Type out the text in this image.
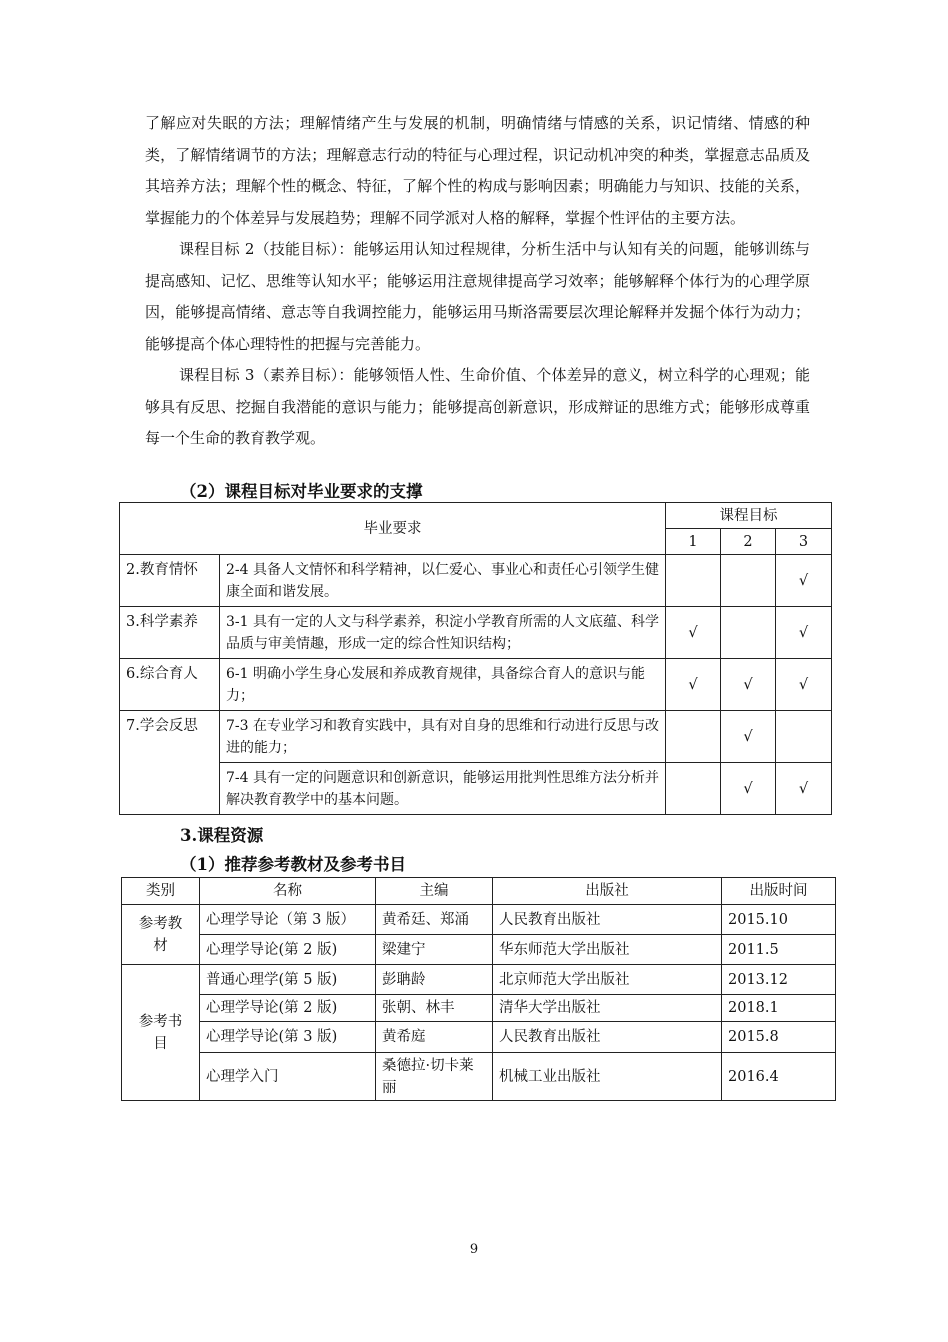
了解应对失眠的方法；理解情绪产生与发展的机制，明确情绪与情感的关系，识记情绪、情感的种类，了解情绪调节的方法；理解意志行动的特征与心理过程，识记动机冲突的种类，掌握意志品质及其培养方法；理解个性的概念、特征，了解个性的构成与影响因素；明确能力与知识、技能的关系，掌握能力的个体差异与发展趋势；理解不同学派对人格的解释，掌握个性评估的主要方法。

课程目标 2（技能目标）：能够运用认知过程规律，分析生活中与认知有关的问题，能够训练与提高感知、记忆、思维等认知水平；能够运用注意规律提高学习效率；能够解释个体行为的心理学原因，能够提高情绪、意志等自我调控能力，能够运用马斯洛需要层次理论解释并发掘个体行为动力；能够提高个体心理特性的把握与完善能力。

课程目标 3（素养目标）：能够领悟人性、生命价值、个体差异的意义，树立科学的心理观；能够具有反思、挖掘自我潜能的意识与能力；能够提高创新意识，形成辩证的思维方式；能够形成尊重每一个生命的教育教学观。

（2）课程目标对毕业要求的支撑
毕业要求		课程目标		
		1	2	3
2.教育情怀	2-4 具备人文情怀和科学精神，以仁爱心、事业心和责任心引领学生健康全面和谐发展。			√
3.科学素养	3-1 具有一定的人文与科学素养，积淀小学教育所需的人文底蕴、科学品质与审美情趣，形成一定的综合性知识结构；	√		√
6.综合育人	6-1 明确小学生身心发展和养成教育规律，具备综合育人的意识与能力；	√	√	√
7.学会反思	7-3 在专业学习和教育实践中，具有对自身的思维和行动进行反思与改进的能力；		√	
	7-4 具有一定的问题意识和创新意识，能够运用批判性思维方法分析并解决教育教学中的基本问题。		√	√
3.课程资源
（1）推荐参考教材及参考书目
类别	名称	主编	出版社	出版时间
参考教材	心理学导论（第 3 版）	黄希廷、郑涌	人民教育出版社	2015.10
	心理学导论(第 2 版)	梁建宁	华东师范大学出版社	2011.5
参考书目	普通心理学(第 5 版)	彭聃龄	北京师范大学出版社	2013.12
	心理学导论(第 2 版)	张朝、林丰	清华大学出版社	2018.1
	心理学导论(第 3 版)	黄希庭	人民教育出版社	2015.8
	心理学入门	桑德拉·切卡莱丽	机械工业出版社	2016.4
9
